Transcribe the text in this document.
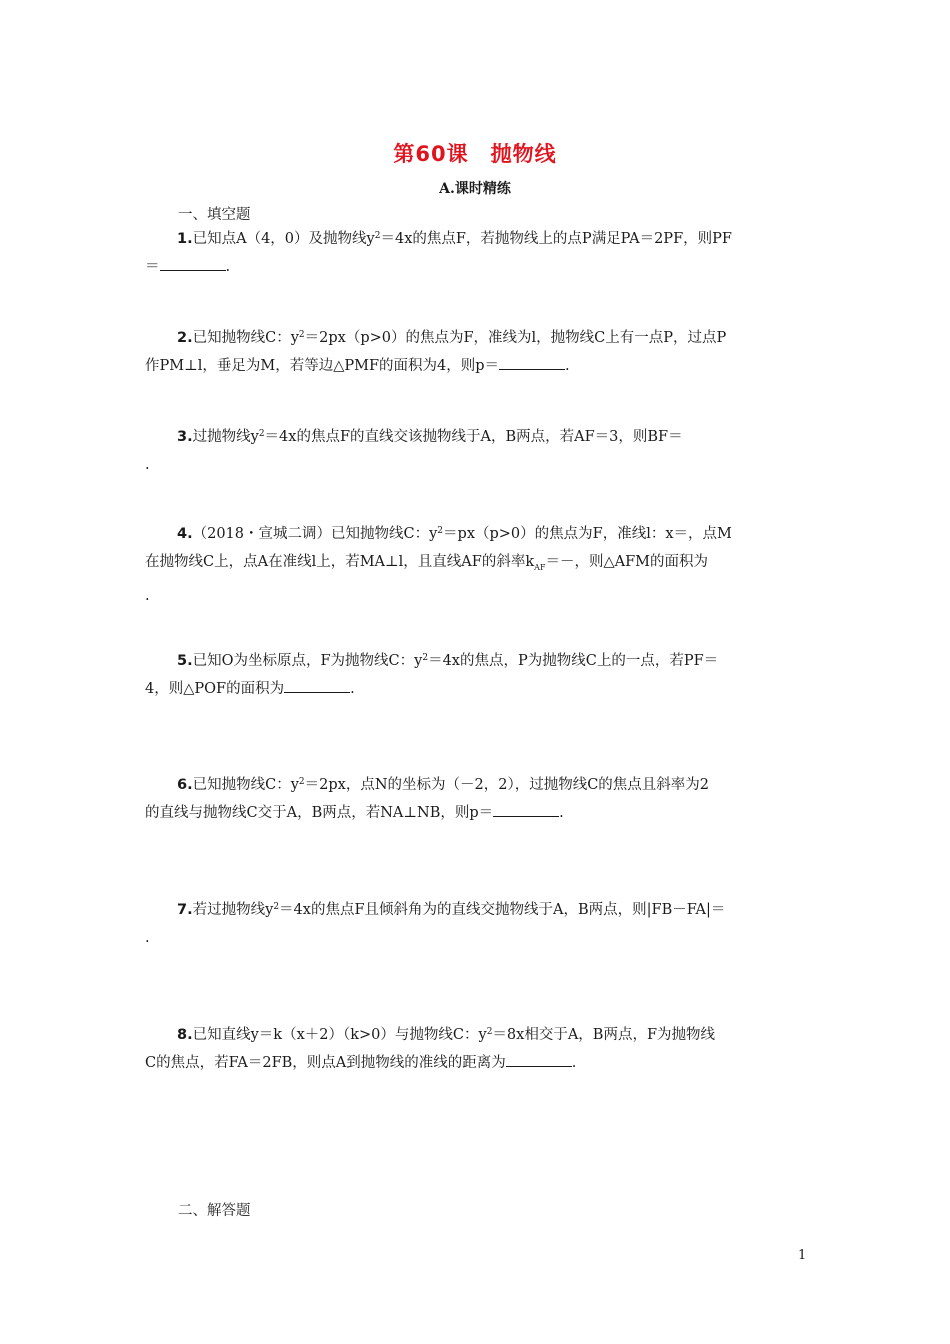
第60课　抛物线
A.课时精练
一、填空题
1.已知点A（4，0）及抛物线$y^2=4x$的焦点F，若抛物线上的点P满足PA＝2PF，则PF
＝	.
2.已知抛物线C：$y^2=2px(p>0)$的焦点为F，准线为l，抛物线C上有一点P，过点P
作PM⊥l，垂足为M，若等边△PMF的面积为4，则p＝	.
3.过抛物线$y^2=4x$的焦点F的直线交该抛物线于A，B两点，若AF＝3，则BF＝
.
4.（2018・宣城二调）已知抛物线C：$y^2=px(p>0)$的焦点为F，准线l：x＝，点M
在抛物线C上，点A在准线l上，若MA⊥l，且直线AF的斜率$k_{AF}=-$，则△AFM的面积为
.
5.已知O为坐标原点，F为抛物线C：$y^2=4x$的焦点，P为抛物线C上的一点，若PF＝
4，则△POF的面积为	.
6.已知抛物线C：$y^2=2px$，点N的坐标为（－2，2），过抛物线C的焦点且斜率为2
的直线与抛物线C交于A，B两点，若NA⊥NB，则p＝	.
7.若过抛物线$y^2=4x$的焦点F且倾斜角为的直线交抛物线于A，B两点，则|FB－FA|＝
.
8.已知直线y＝k（x＋2）（k>0）与抛物线C：$y^2=8x$相交于A，B两点，F为抛物线
C的焦点，若FA＝2FB，则点A到抛物线的准线的距离为	.
二、解答题
1
